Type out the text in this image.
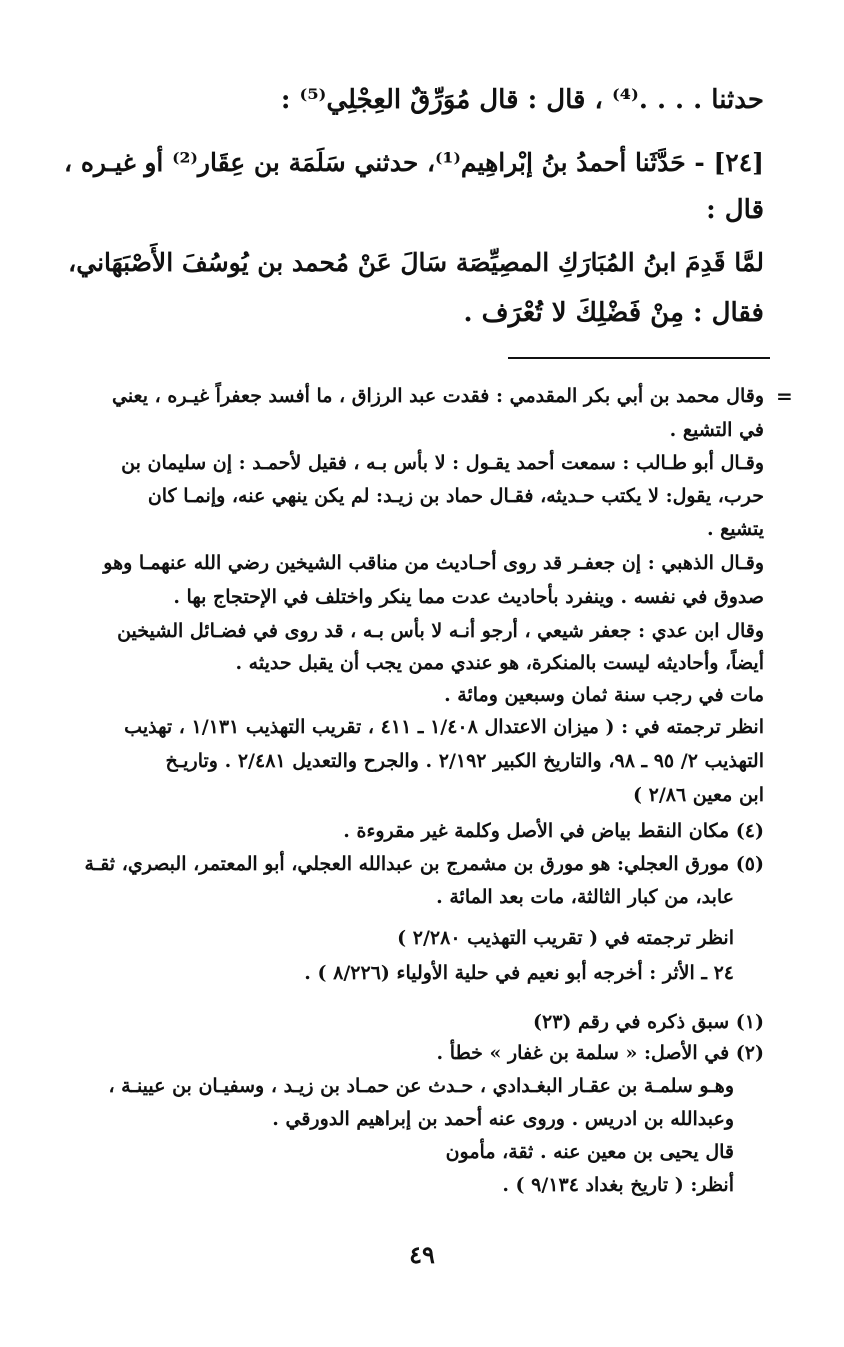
حدثنا . . . .⁽⁴⁾ ، قال : قال مُوَرِّقٌ العِجْلِي⁽⁵⁾ :

[٢٤] - حَدَّثَنا أحمدُ بنُ إبْراهِيم⁽¹⁾، حدثني سَلَمَة بن عِقَار⁽²⁾ أو غيـره ،

قال :

لمَّا قَدِمَ ابنُ المُبَارَكِ المصِيِّصَة سَالَ عَنْ مُحمد بن يُوسُفَ الأَصْبَهَاني،

فقال : مِنْ فَضْلِكَ لا تُعْرَف .

=

وقال محمد بن أبي بكر المقدمي : فقدت عبد الرزاق ، ما أفسد جعفراً غيـره ، يعني

في التشيع .

وقـال أبو طـالب : سمعت أحمد يقـول : لا بأس بـه ، فقيل لأحمـد : إن سليمان بن

حرب، يقول: لا يكتب حـديثه، فقـال حماد بن زيـد: لم يكن ينهي عنه، وإنمـا كان

يتشيع .

وقـال الذهبي : إن جعفـر قد روى أحـاديث من مناقب الشيخين رضي الله عنهمـا وهو

صدوق في نفسه . وينفرد بأحاديث عدت مما ينكر واختلف في الإحتجاج بها .

وقال ابن عدي : جعفر شيعي ، أرجو أنـه لا بأس بـه ، قد روى في فضـائل الشيخين

أيضاً، وأحاديثه ليست بالمنكرة، هو عندي ممن يجب أن يقبل حديثه .

مات في رجب سنة ثمان وسبعين ومائة .

انظر ترجمته في : ( ميزان الاعتدال ١/٤٠٨ ـ ٤١١ ، تقريب التهذيب ١/١٣١ ، تهذيب

التهذيب ٢/ ٩٥ ـ ٩٨، والتاريخ الكبير ٢/١٩٢ . والجرح والتعديل ٢/٤٨١ . وتاريـخ

ابن معين ٢/٨٦ )

(٤) مكان النقط بياض في الأصل وكلمة غير مقروءة .

(٥) مورق العجلي: هو مورق بن مشمرج بن عبدالله العجلي، أبو المعتمر، البصري، ثقـة

عابد، من كبار الثالثة، مات بعد المائة .

انظر ترجمته في ( تقريب التهذيب ٢/٢٨٠ )

٢٤ ـ الأثر : أخرجه أبو نعيم في حلية الأولياء (٨/٢٢٦ ) .

(١) سبق ذكره في رقم (٢٣)

(٢) في الأصل: « سلمة بن غفار » خطأ .

وهـو سلمـة بن عقـار البغـدادي ، حـدث عن حمـاد بن زيـد ، وسفيـان بن عيينـة ،

وعبدالله بن ادريس . وروى عنه أحمد بن إبراهيم الدورقي .

قال يحيى بن معين عنه . ثقة، مأمون

أنظر: ( تاريخ بغداد ٩/١٣٤ ) .

٤٩
